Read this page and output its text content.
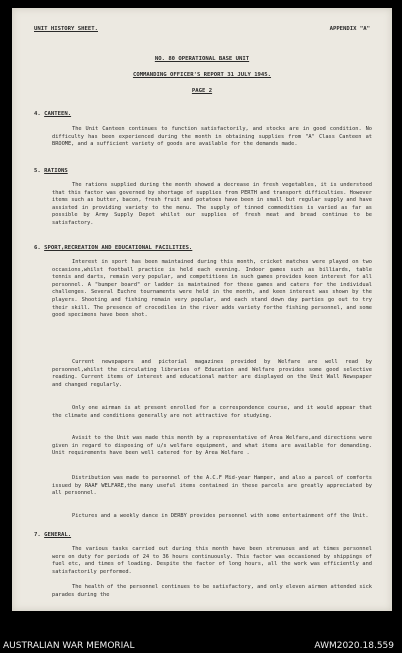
UNIT HISTORY SHEET.	APPENDIX "A"
NO. 80 OPERATIONAL BASE UNIT
COMMANDING OFFICER'S REPORT 31 JULY 1945.
PAGE 2
4. CANTEEN.
The Unit Canteen continues to function satisfactorily, and stocks are in good condition. No difficulty has been experienced during the month in obtaining supplies from "A" Class Canteen at BROOME, and a sufficient variety of goods are available for the demands made.
5. RATIONS
The rations supplied during the month showed a decrease in fresh vegetables, it is understood that this factor was governed by shortage of supplies from PERTH and transport difficulties. However items such as butter, bacon, fresh fruit and potatoes have been in small but regular supply and have assisted in providing variety to the menu. The supply of tinned commodities is varied as far as possible by Army Supply Depot whilst our supplies of fresh meat and bread continue to be satisfactory.
6. SPORT,RECREATION AND EDUCATIONAL FACILITIES.
Interest in sport has been maintained during this month, cricket matches were played on two occasions,whilst football practice is held each evening. Indoor games such as billiards, table tennis and darts, remain very popular, and competitions in such games provides keen interest for all personnel. A "bumper board" or ladder is maintained for these games and caters for the individual challenges. Several Euchre tournaments were held in the month, and keen interest was shown by the players. Shooting and fishing remain very popular, and each stand down day parties go out to try their skill. The presence of crocodiles in the river adds variety forthe fishing personnel, and some good specimens have been shot.
Current newspapers and pictorial magazines provided by Welfare are well read by personnel,whilst the circulating libraries of Education and Welfare provides some good selective reading. Current items of interest and educational matter are displayed on the Unit Wall Newspaper and changed regularly.
Only one airman is at present enrolled for a correspondence course, and it would appear that the climate and conditions generally are not attractive for studying.
Avisit to the Unit was made this month by a representative of Area Welfare,and directions were given in regard to disposing of u/s welfare equipment, and what items are available for demanding. Unit requirements have been well catered for by Area Welfare .
Distribution was made to personnel of the A.C.F Mid-year Hamper, and also a parcel of comforts issued by RAAF WELFARE,the many useful items contained in these parcels are greatly appreciated by all personnel.
Pictures and a weekly dance in DERBY provides personnel with some entertainment off the Unit.
7. GENERAL.
The various tasks carried out during this month have been strenuous and at times personnel were on duty for periods of 24 to 36 hours continuously. This factor was occasioned by shippings of fuel etc, and times of loading. Despite the factor of long hours, all the work was efficiently and satisfactorily performed.
The health of the personnel continues to be satisfactory, and only eleven airmen attended sick parades during the
AUSTRALIAN WAR MEMORIAL	AWM2020.18.559
